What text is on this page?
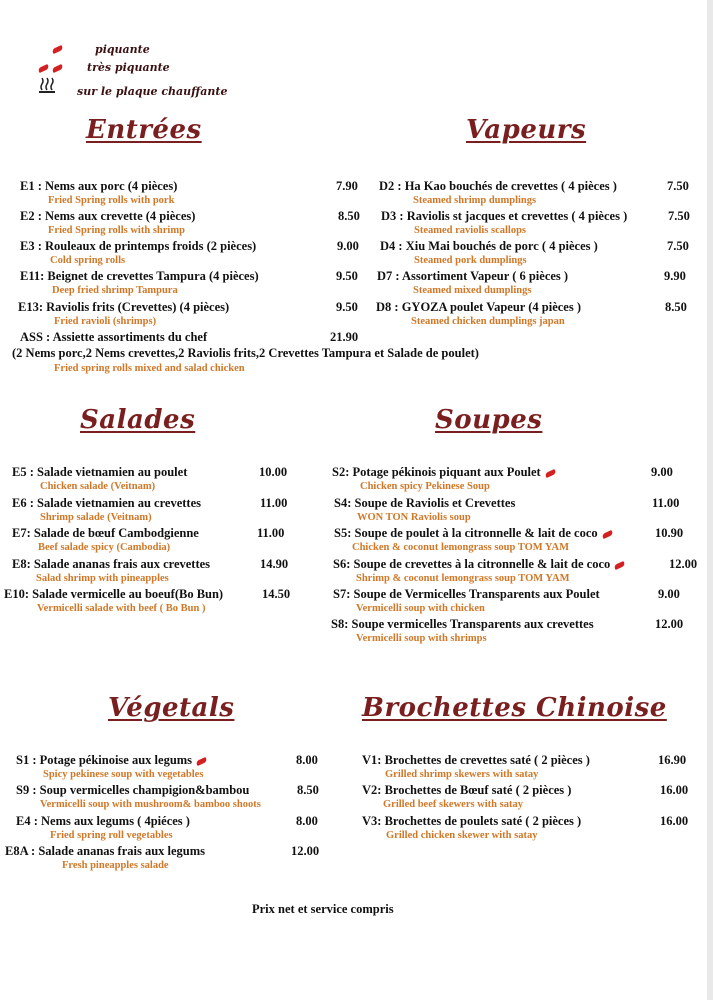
piquante
très piquante
sur le plaque chauffante
Entrées	Vapeurs
Salades	Soupes
Végetals	Brochettes Chinoise
E1 : Nems aux porc (4 pièces)	7.90
Fried Spring rolls with pork
E2 : Nems aux crevette (4 pièces)	8.50
Fried Spring rolls with shrimp
E3 : Rouleaux de printemps froids (2 pièces)	9.00
Cold spring rolls
E11: Beignet de crevettes Tampura (4 pièces)	9.50
Deep fried shrimp Tampura
E13: Raviolis frits (Crevettes) (4 pièces)	9.50
Fried ravioli (shrimps)
ASS : Assiette assortiments du chef	21.90
(2 Nems porc,2 Nems crevettes,2 Raviolis frits,2 Crevettes Tampura et Salade de poulet)
Fried spring rolls mixed and salad chicken
D2 : Ha Kao bouchés de crevettes ( 4 pièces )	7.50
Steamed shrimp dumplings
D3 : Raviolis st jacques et crevettes ( 4 pièces )	7.50
Steamed raviolis scallops
D4 : Xiu Mai bouchés de porc ( 4 pièces )	7.50
Steamed pork dumplings
D7 : Assortiment Vapeur ( 6 pièces )	9.90
Steamed mixed dumplings
D8 : GYOZA poulet Vapeur (4 pièces )	8.50
Steamed chicken dumplings japan
E5 : Salade vietnamien au poulet	10.00
Chicken salade (Veitnam)
E6 : Salade vietnamien au crevettes	11.00
Shrimp salade (Veitnam)
E7: Salade de bœuf Cambodgienne	11.00
Beef salade spicy (Cambodia)
E8: Salade ananas frais aux crevettes	14.90
Salad shrimp with pineapples
E10: Salade vermicelle au boeuf(Bo Bun)	14.50
Vermicelli salade with beef ( Bo Bun )
S2: Potage pékinois piquant aux Poulet	9.00
Chicken spicy Pekinese Soup
S4: Soupe de Raviolis et Crevettes	11.00
WON TON Raviolis soup
S5: Soupe de poulet à la citronnelle & lait de coco	10.90
Chicken & coconut lemongrass soup TOM YAM
S6: Soupe de crevettes à la citronnelle & lait de coco	12.00
Shrimp & coconut lemongrass soup TOM YAM
S7: Soupe de Vermicelles Transparents aux Poulet	9.00
Vermicelli soup with chicken
S8: Soupe vermicelles Transparents aux crevettes	12.00
Vermicelli soup with shrimps
S1 : Potage pékinoise aux legums	8.00
Spicy pekinese soup with vegetables
S9 : Soup vermicelles champigion&bambou	8.50
Vermicelli soup with mushroom& bamboo shoots
E4 : Nems aux legums ( 4piéces )	8.00
Fried spring roll vegetables
E8A : Salade ananas frais aux legums	12.00
Fresh pineapples salade
V1: Brochettes de crevettes saté ( 2 pièces )	16.90
Grilled shrimp skewers with satay
V2: Brochettes de Bœuf saté ( 2 pièces )	16.00
Grilled beef skewers with satay
V3: Brochettes de poulets saté ( 2 pièces )	16.00
Grilled chicken skewer with satay
Prix net et service compris
